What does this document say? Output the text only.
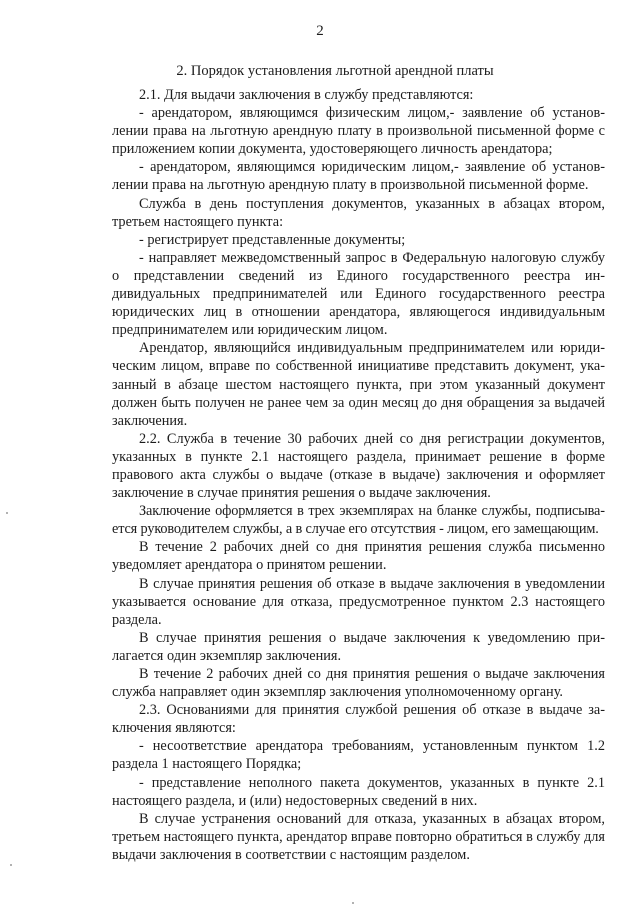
2
2. Порядок установления льготной арендной платы

2.1. Для выдачи заключения в службу представляются:

- арендатором, являющимся физическим лицом,- заявление об установлении права на льготную арендную плату в произвольной письменной форме с приложением копии документа, удостоверяющего личность арендатора;

- арендатором, являющимся юридическим лицом,- заявление об установлении права на льготную арендную плату в произвольной письменной форме.

Служба в день поступления документов, указанных в абзацах втором, третьем настоящего пункта:

- регистрирует представленные документы;

- направляет межведомственный запрос в Федеральную налоговую службу о представлении сведений из Единого государственного реестра индивидуальных предпринимателей или Единого государственного реестра юридических лиц в отношении арендатора, являющегося индивидуальным предпринимателем или юридическим лицом.

Арендатор, являющийся индивидуальным предпринимателем или юридическим лицом, вправе по собственной инициативе представить документ, указанный в абзаце шестом настоящего пункта, при этом указанный документ должен быть получен не ранее чем за один месяц до дня обращения за выдачей заключения.

2.2. Служба в течение 30 рабочих дней со дня регистрации документов, указанных в пункте 2.1 настоящего раздела, принимает решение в форме правового акта службы о выдаче (отказе в выдаче) заключения и оформляет заключение в случае принятия решения о выдаче заключения.

Заключение оформляется в трех экземплярах на бланке службы, подписывается руководителем службы, а в случае его отсутствия - лицом, его замещающим.

В течение 2 рабочих дней со дня принятия решения служба письменно уведомляет арендатора о принятом решении.

В случае принятия решения об отказе в выдаче заключения в уведомлении указывается основание для отказа, предусмотренное пунктом 2.3 настоящего раздела.

В случае принятия решения о выдаче заключения к уведомлению прилагается один экземпляр заключения.

В течение 2 рабочих дней со дня принятия решения о выдаче заключения служба направляет один экземпляр заключения уполномоченному органу.

2.3. Основаниями для принятия службой решения об отказе в выдаче заключения являются:

- несоответствие арендатора требованиям, установленным пунктом 1.2 раздела 1 настоящего Порядка;

- представление неполного пакета документов, указанных в пункте 2.1 настоящего раздела, и (или) недостоверных сведений в них.

В случае устранения оснований для отказа, указанных в абзацах втором, третьем настоящего пункта, арендатор вправе повторно обратиться в службу для выдачи заключения в соответствии с настоящим разделом.
